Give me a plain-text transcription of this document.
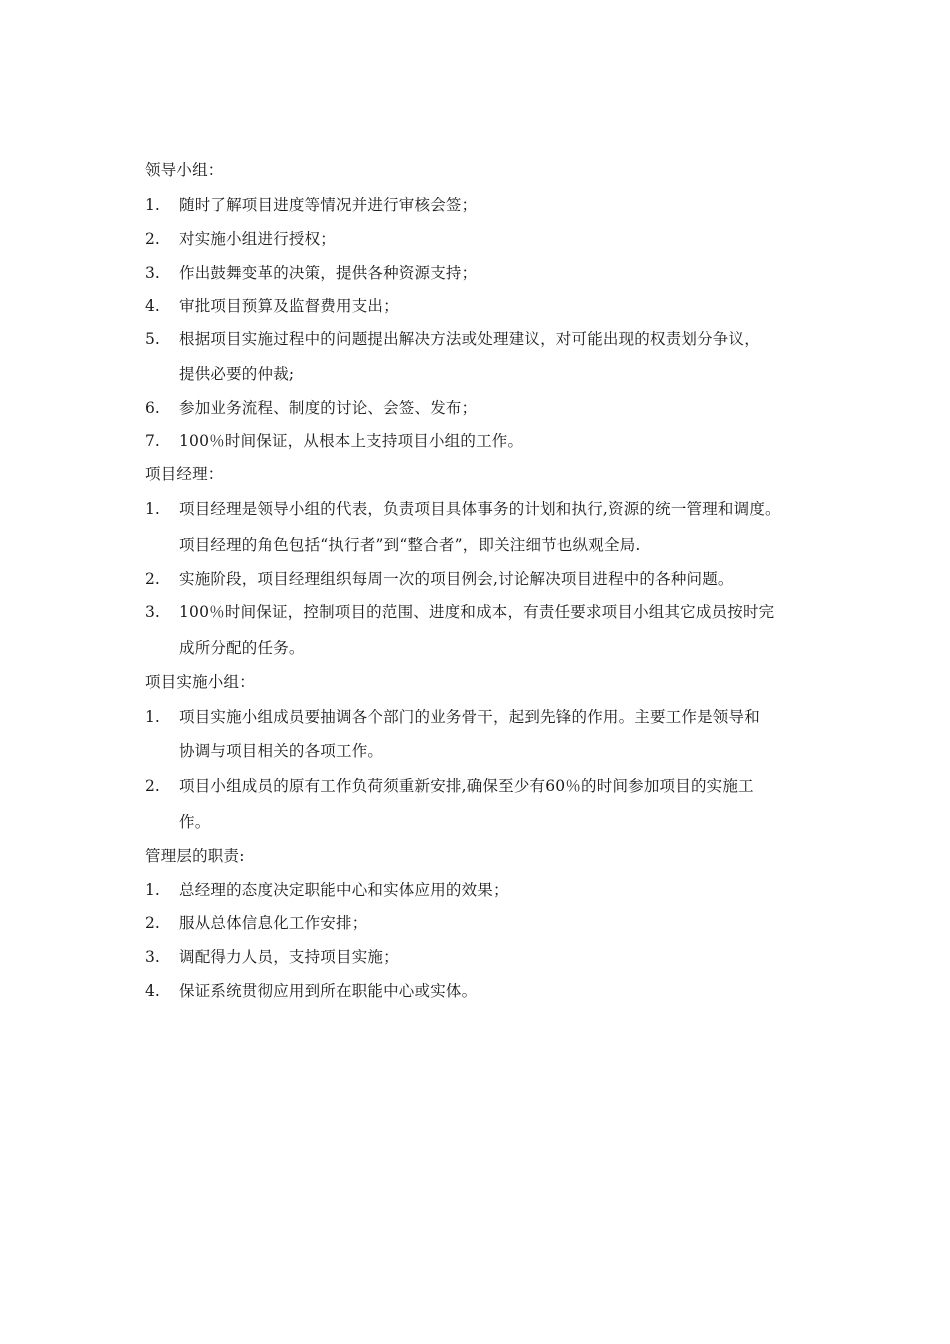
领导小组：
1. 随时了解项目进度等情况并进行审核会签；
2. 对实施小组进行授权；
3. 作出鼓舞变革的决策，提供各种资源支持；
4. 审批项目预算及监督费用支出；
5. 根据项目实施过程中的问题提出解决方法或处理建议，对可能出现的权责划分争议，
提供必要的仲裁;
6. 参加业务流程、制度的讨论、会签、发布；
7. 100％时间保证，从根本上支持项目小组的工作。
项目经理：
1. 项目经理是领导小组的代表，负责项目具体事务的计划和执行,资源的统一管理和调度。
项目经理的角色包括“执行者”到“整合者”，即关注细节也纵观全局.
2. 实施阶段，项目经理组织每周一次的项目例会,讨论解决项目进程中的各种问题。
3. 100％时间保证，控制项目的范围、进度和成本，有责任要求项目小组其它成员按时完
成所分配的任务。
项目实施小组：
1. 项目实施小组成员要抽调各个部门的业务骨干，起到先锋的作用。主要工作是领导和
协调与项目相关的各项工作。
2. 项目小组成员的原有工作负荷须重新安排,确保至少有60％的时间参加项目的实施工
作。
管理层的职责:
1. 总经理的态度决定职能中心和实体应用的效果；
2. 服从总体信息化工作安排；
3. 调配得力人员，支持项目实施；
4. 保证系统贯彻应用到所在职能中心或实体。
